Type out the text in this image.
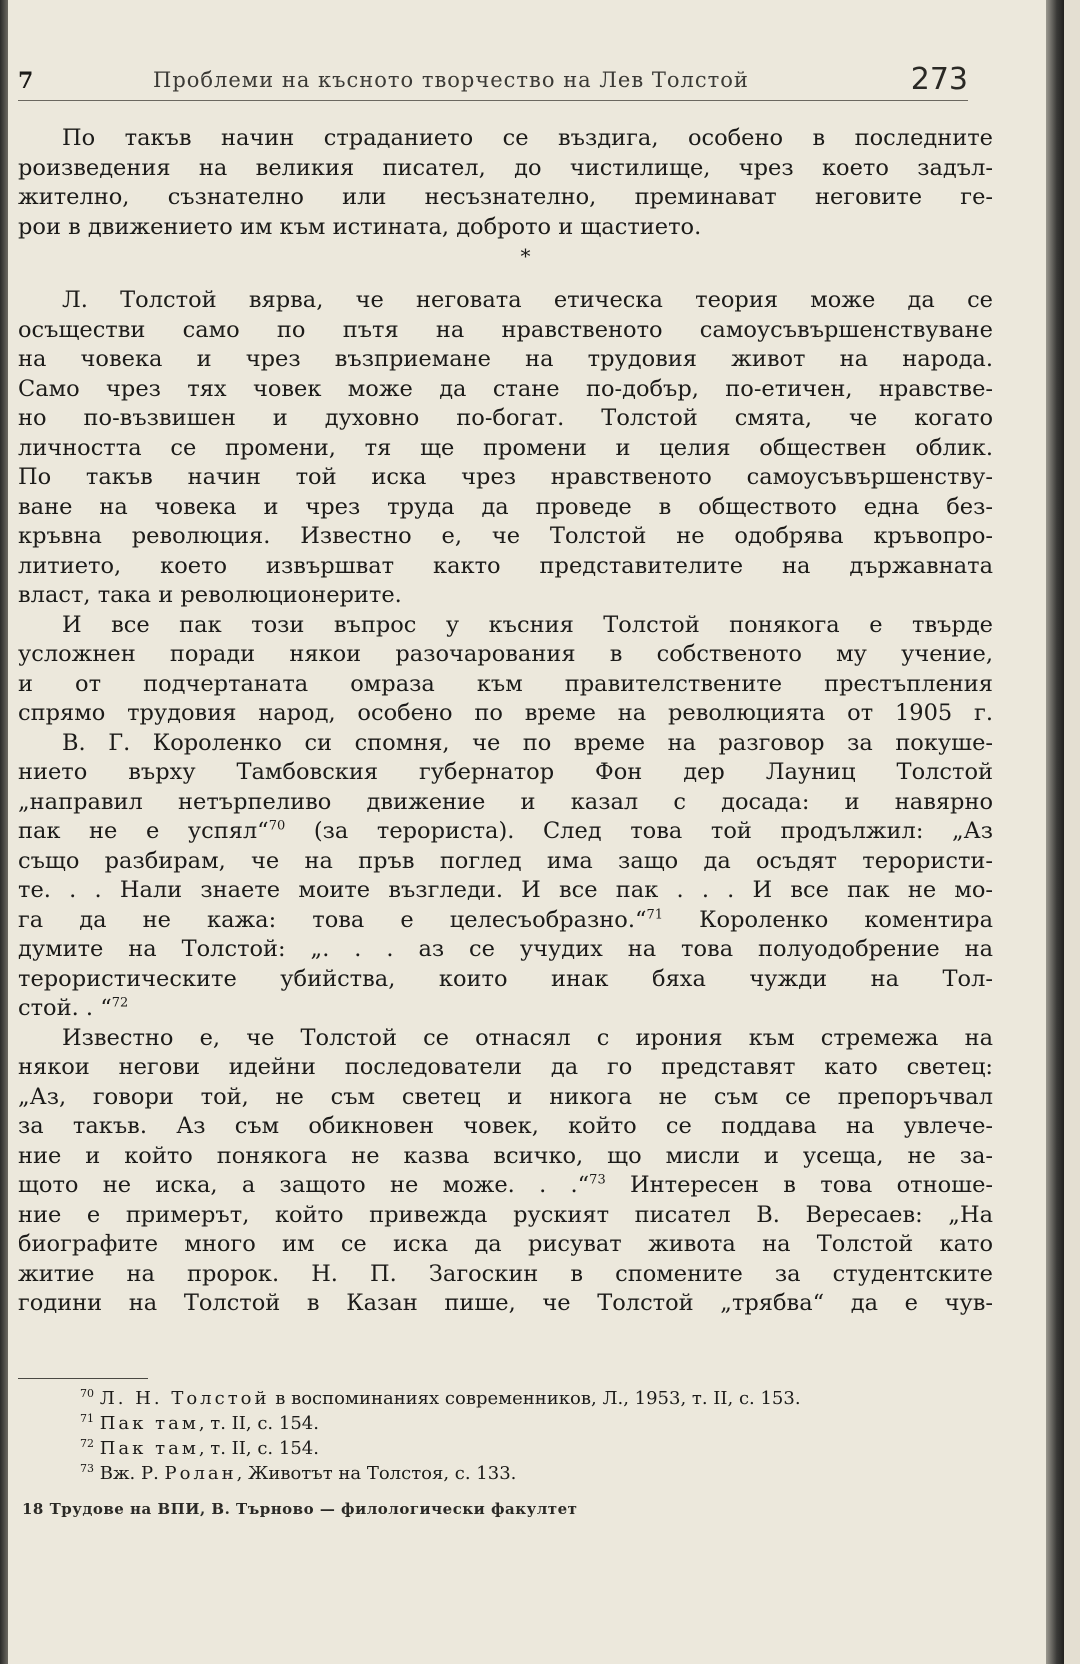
7	Проблеми на късното творчество на Лев Толстой	273
По такъв начин страданието се въздига, особено в последните
роизведения на великия писател, до чистилище, чрез което задъл-
жително, съзнателно или несъзнателно, преминават неговите ге-
рои в движението им към истината, доброто и щастието.
*
Л. Толстой вярва, че неговата етическа теория може да се
осъществи само по пътя на нравственото самоусъвършенствуване
на човека и чрез възприемане на трудовия живот на народа.
Само чрез тях човек може да стане по-добър, по-етичен, нравстве-
но по-възвишен и духовно по-богат. Толстой смята, че когато
личността се промени, тя ще промени и целия обществен облик.
По такъв начин той иска чрез нравственото самоусъвършенству-
ване на човека и чрез труда да проведе в обществото една без-
кръвна революция. Известно е, че Толстой не одобрява кръвопро-
литието, което извършват както представителите на държавната
власт, така и революционерите.
И все пак този въпрос у късния Толстой понякога е твърде
усложнен поради някои разочарования в собственото му учение,
и от подчертаната омраза към правителствените престъпления
спрямо трудовия народ, особено по време на революцията от 1905 г.
В. Г. Короленко си спомня, че по време на разговор за покуше-
нието върху Тамбовския губернатор Фон дер Лауниц Толстой
„направил нетърпеливо движение и казал с досада: и навярно
пак не е успял“$^{70}$ (за терориста). След това той продължил: „Аз
също разбирам, че на пръв поглед има защо да осъдят терористи-
те. . . Нали знаете моите възгледи. И все пак . . . И все пак не мо-
га да не кажа: това е целесъобразно.“$^{71}$ Короленко коментира
думите на Толстой: „. . . аз се учудих на това полуодобрение на
терористическите убийства, които инак бяха чужди на Тол-
стой. . “$^{72}$
Известно е, че Толстой се отнасял с ирония към стремежа на
някои негови идейни последователи да го представят като светец:
„Аз, говори той, не съм светец и никога не съм се препоръчвал
за такъв. Аз съм обикновен човек, който се поддава на увлече-
ние и който понякога не казва всичко, що мисли и усеща, не за-
щото не иска, а защото не може. . .“$^{73}$ Интересен в това отноше-
ние е примерът, който привежда руският писател В. Вересаев: „На
биографите много им се иска да рисуват живота на Толстой като
житие на пророк. Н. П. Загоскин в спомените за студентските
години на Толстой в Казан пише, че Толстой „трябва“ да е чув-
$^{70}$ Л. Н. Толстой в воспоминаниях современников, Л., 1953, т. II, с. 153.
$^{71}$ Пак там, т. II, с. 154.
$^{72}$ Пак там, т. II, с. 154.
$^{73}$ Вж. Р. Ролан, Животът на Толстоя, с. 133.
18 Трудове на ВПИ, В. Търново — филологически факултет
